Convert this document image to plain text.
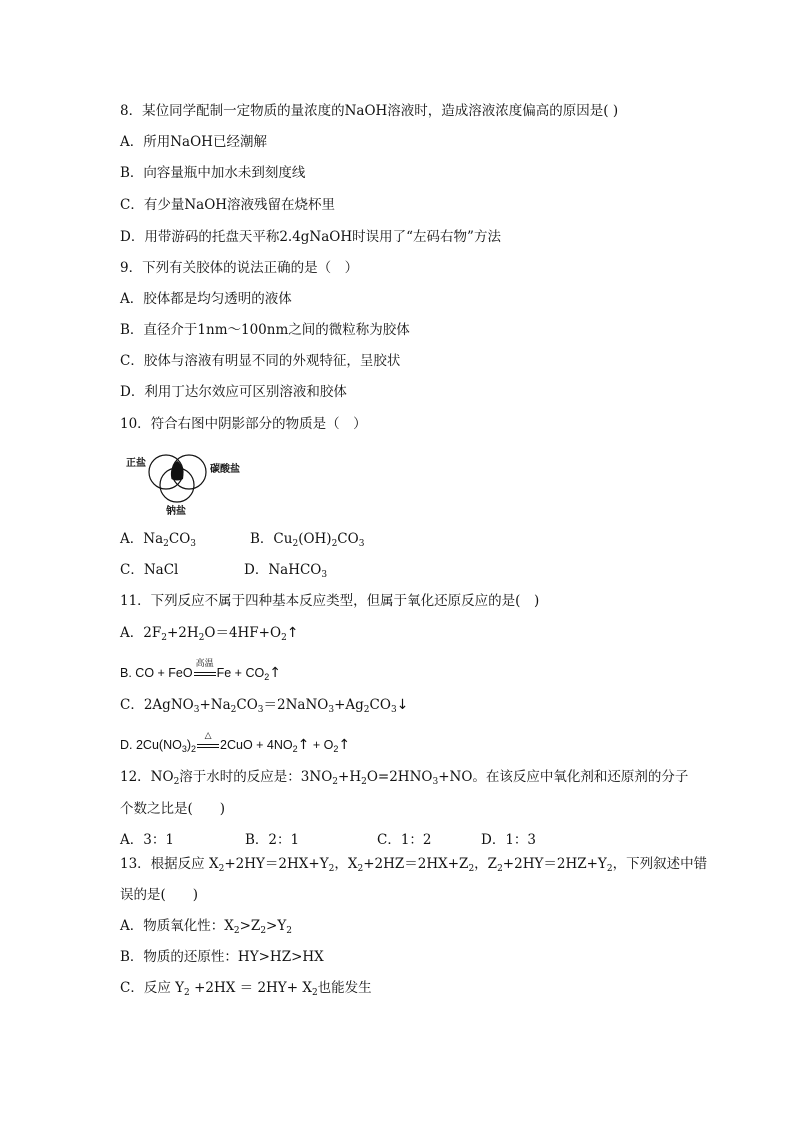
8．某位同学配制一定物质的量浓度的NaOH溶液时，造成溶液浓度偏高的原因是( )
A．所用NaOH已经潮解
B．向容量瓶中加水未到刻度线
C．有少量NaOH溶液残留在烧杯里
D．用带游码的托盘天平称2.4gNaOH时误用了“左码右物”方法
9．下列有关胶体的说法正确的是（　）
A．胶体都是均匀透明的液体
B．直径介于1nm～100nm之间的微粒称为胶体
C．胶体与溶液有明显不同的外观特征，呈胶状
D．利用丁达尔效应可区别溶液和胶体
10．符合右图中阴影部分的物质是（　）
正盐
碳酸盐
钠盐
A．$Na_2CO_3$	B．$Cu_2(OH)_2CO_3$
C．NaCl	D．NaHCO$_3$
11．下列反应不属于四种基本反应类型，但属于氧化还原反应的是(　)
A．$2F_2+2H_2O=4HF+O_2↑$
B. CO + FeO
高温
$Fe + CO_2↑$
C．$2AgNO_3+Na_2CO_3=2NaNO_3+Ag_2CO_3↓$
D. $2Cu(NO_3)_2$
△
$2CuO + 4NO_2↑$ + $O_2↑$
12．$NO_2$溶于水时的反应是：$3NO_2+H_2O=2HNO_3+NO$。在该反应中氧化剂和还原剂的分子
个数之比是(　　)
A．3：1	B．2：1	C．1：2	D．1：3
13．根据反应 $X_2+2HY=2HX+Y_2$，$X_2+2HZ=2HX+Z_2$，$Z_2+2HY=2HZ+Y_2$，下列叙述中错
误的是(　　)
A．物质氧化性：$X_2>Z_2>Y_2$
B．物质的还原性：HY>HZ>HX
C．反应 $Y_2 +2HX = 2HY+ X_2$也能发生
